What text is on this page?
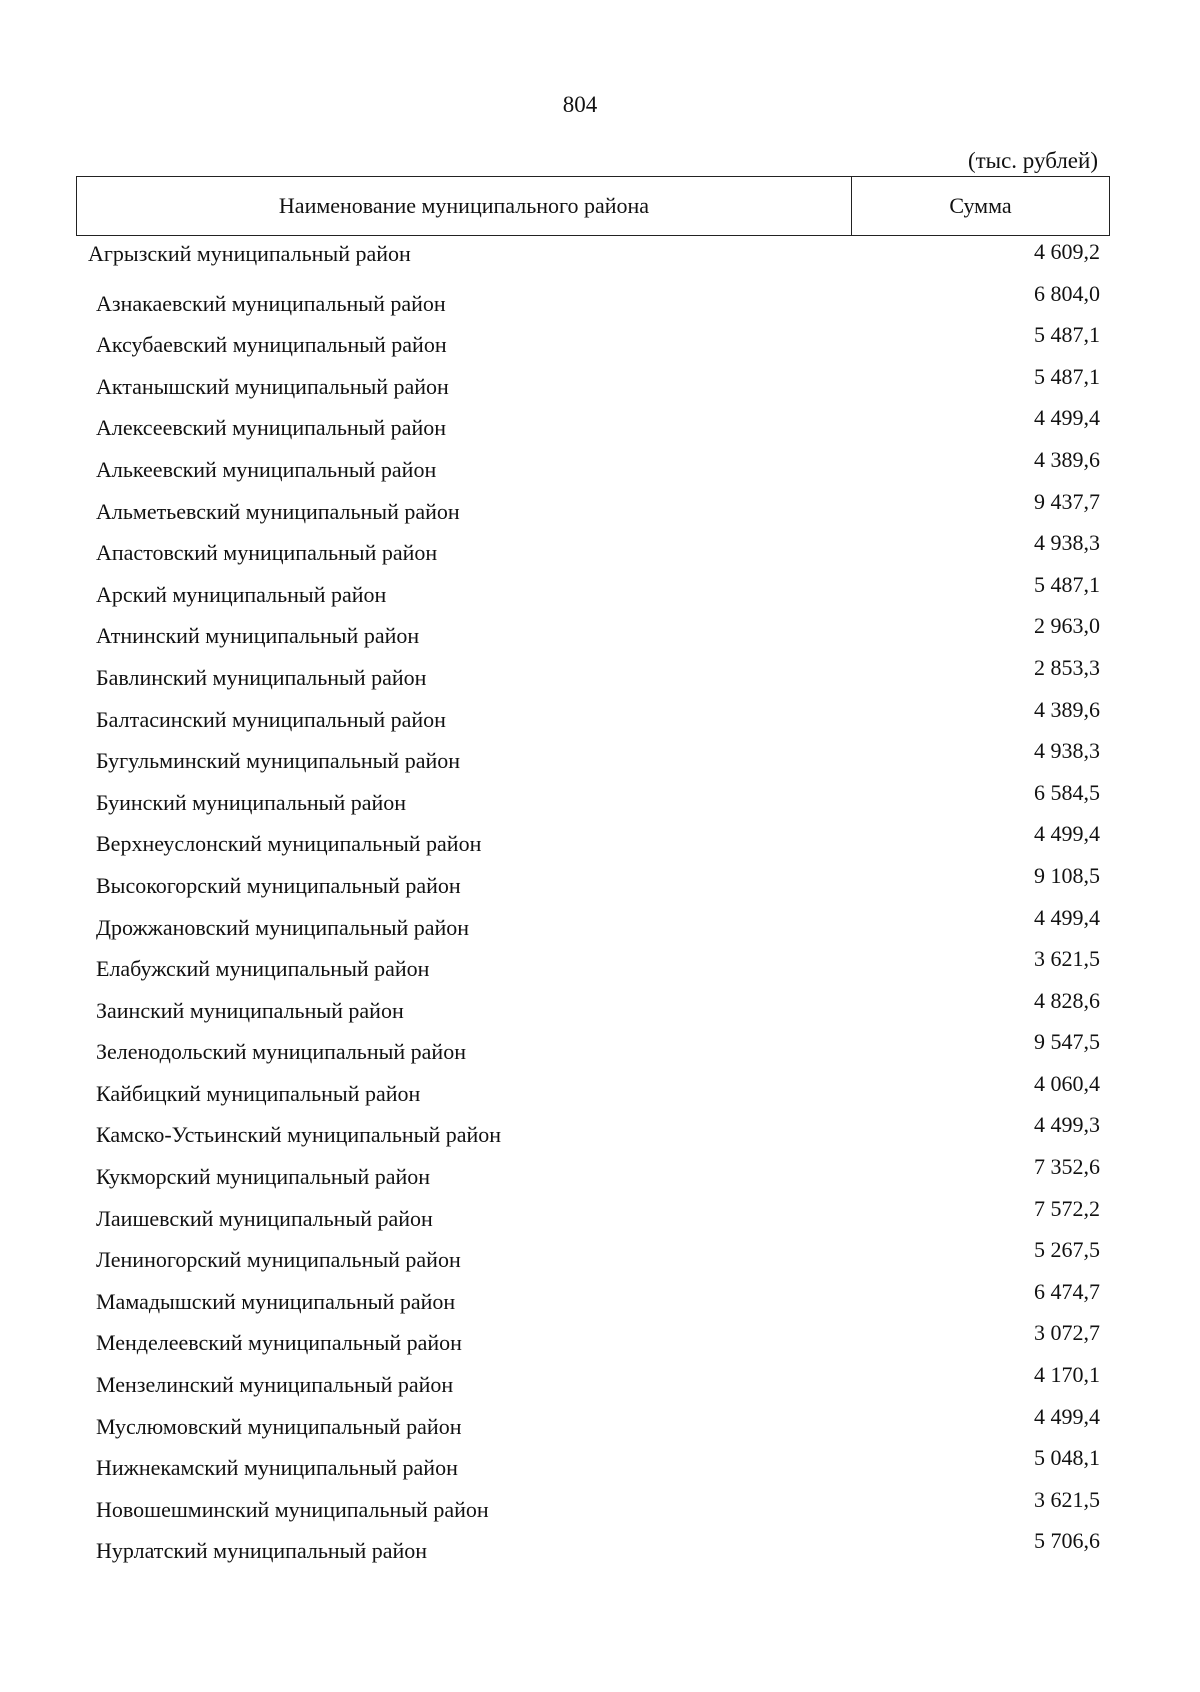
804
(тыс. рублей)
Наименование муниципального района	Сумма
Агрызский муниципальный район	4 609,2
Азнакаевский муниципальный район	6 804,0
Аксубаевский муниципальный район	5 487,1
Актанышский муниципальный район	5 487,1
Алексеевский муниципальный район	4 499,4
Алькеевский муниципальный район	4 389,6
Альметьевский муниципальный район	9 437,7
Апастовский муниципальный район	4 938,3
Арский муниципальный район	5 487,1
Атнинский муниципальный район	2 963,0
Бавлинский муниципальный район	2 853,3
Балтасинский муниципальный район	4 389,6
Бугульминский муниципальный район	4 938,3
Буинский муниципальный район	6 584,5
Верхнеуслонский муниципальный район	4 499,4
Высокогорский муниципальный район	9 108,5
Дрожжановский муниципальный район	4 499,4
Елабужский муниципальный район	3 621,5
Заинский муниципальный район	4 828,6
Зеленодольский муниципальный район	9 547,5
Кайбицкий муниципальный район	4 060,4
Камско-Устьинский муниципальный район	4 499,3
Кукморский муниципальный район	7 352,6
Лаишевский муниципальный район	7 572,2
Лениногорский муниципальный район	5 267,5
Мамадышский муниципальный район	6 474,7
Менделеевский муниципальный район	3 072,7
Мензелинский муниципальный район	4 170,1
Муслюмовский муниципальный район	4 499,4
Нижнекамский муниципальный район	5 048,1
Новошешминский муниципальный район	3 621,5
Нурлатский муниципальный район	5 706,6
